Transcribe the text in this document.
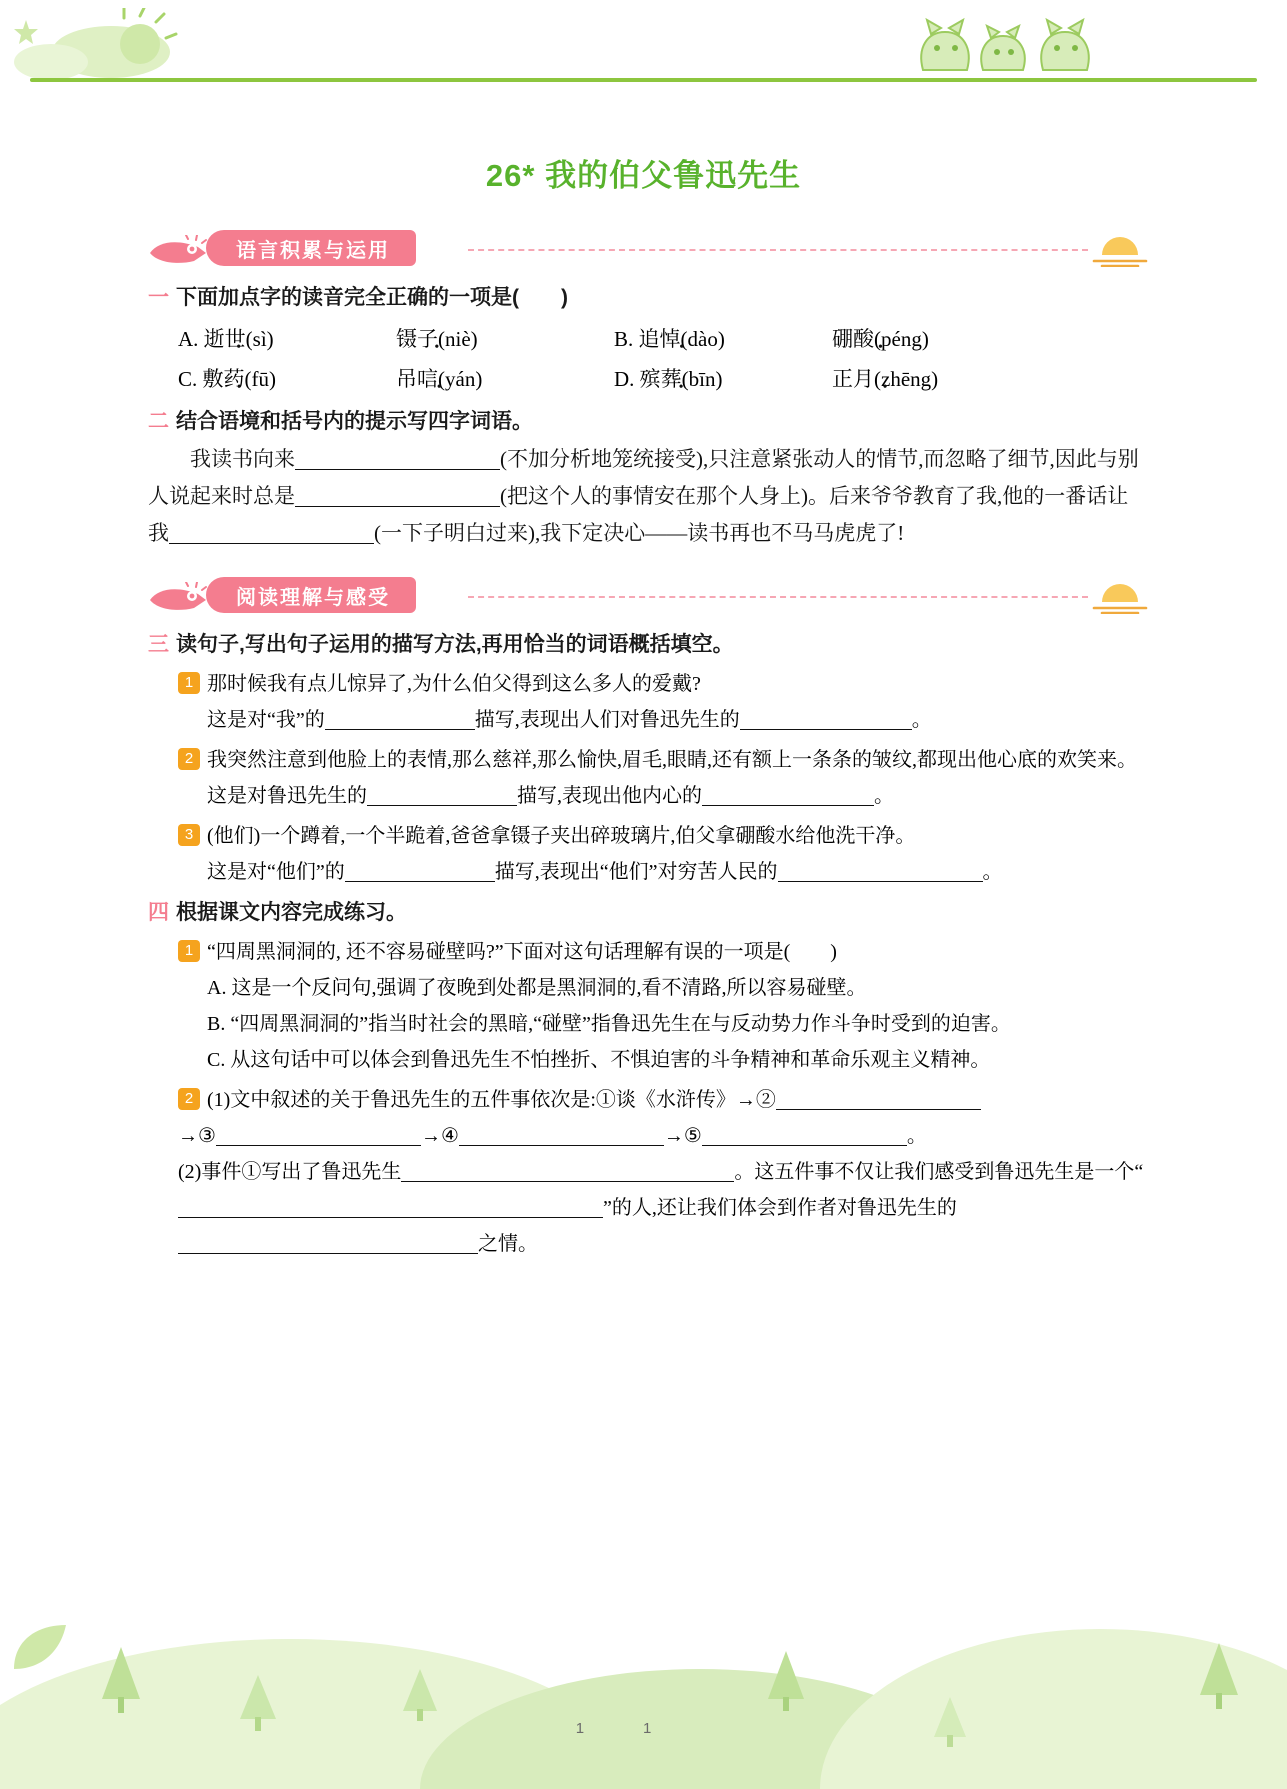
26* 我的伯父鲁迅先生
语言积累与运用
一 下面加点字的读音完全正确的一项是(　　)
A. 逝世(sì) •	镊子(niè) •	B. 追悼(dào) •	硼酸(péng) •
C. 敷药(fū) •	吊唁(yán) •	D. 殡葬(bīn) •	正月(zhēng) •
二 结合语境和括号内的提示写四字词语。
我读书向来	(不加分析地笼统接受),只注意紧张动人的情节,而忽略了细节,因此与别人说起来时总是	(把这个人的事情安在那个人身上)。后来爷爷教育了我,他的一番话让我	(一下子明白过来),我下定决心——读书再也不马马虎虎了!
阅读理解与感受
三 读句子,写出句子运用的描写方法,再用恰当的词语概括填空。
1 那时候我有点儿惊异了,为什么伯父得到这么多人的爱戴?
这是对“我”的	描写,表现出人们对鲁迅先生的	。
2 我突然注意到他脸上的表情,那么慈祥,那么愉快,眉毛,眼睛,还有额上一条条的皱纹,都现出他心底的欢笑来。
这是对鲁迅先生的	描写,表现出他内心的	。
3 (他们)一个蹲着,一个半跪着,爸爸拿镊子夹出碎玻璃片,伯父拿硼酸水给他洗干净。
这是对“他们”的	描写,表现出“他们”对穷苦人民的	。
四 根据课文内容完成练习。
1 “四周黑洞洞的, 还不容易碰壁吗?”下面对这句话理解有误的一项是(　　)
A. 这是一个反问句,强调了夜晚到处都是黑洞洞的,看不清路,所以容易碰壁。
B. “四周黑洞洞的”指当时社会的黑暗,“碰壁”指鲁迅先生在与反动势力作斗争时受到的迫害。
C. 从这句话中可以体会到鲁迅先生不怕挫折、不惧迫害的斗争精神和革命乐观主义精神。
2 (1)文中叙述的关于鲁迅先生的五件事依次是:①谈《水浒传》→②
→③	→④	→⑤	。
(2)事件①写出了鲁迅先生	。这五件事不仅让我们感受到鲁迅先生是一个“”的人,还让我们体会到作者对鲁迅先生的之情。
11
